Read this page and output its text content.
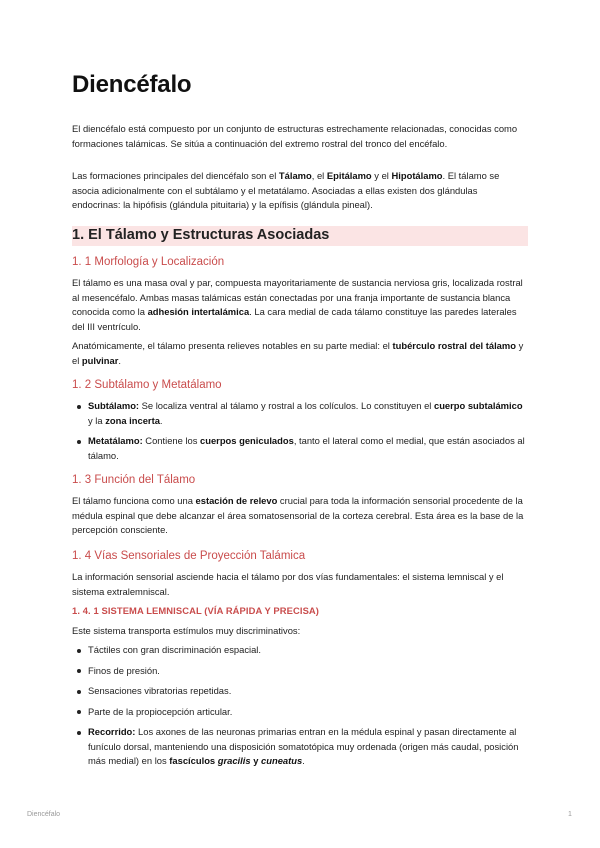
Diencéfalo

El diencéfalo está compuesto por un conjunto de estructuras estrechamente relacionadas, conocidas como formaciones talámicas. Se sitúa a continuación del extremo rostral del tronco del encéfalo.

Las formaciones principales del diencéfalo son el Tálamo, el Epitálamo y el Hipotálamo. El tálamo se asocia adicionalmente con el subtálamo y el metatálamo. Asociadas a ellas existen dos glándulas endocrinas: la hipófisis (glándula pituitaria) y la epífisis (glándula pineal).

1. El Tálamo y Estructuras Asociadas
1. 1 Morfología y Localización

El tálamo es una masa oval y par, compuesta mayoritariamente de sustancia nerviosa gris, localizada rostral al mesencéfalo. Ambas masas talámicas están conectadas por una franja importante de sustancia blanca conocida como la adhesión intertalámica. La cara medial de cada tálamo constituye las paredes laterales del III ventrículo.

Anatómicamente, el tálamo presenta relieves notables en su parte medial: el tubérculo rostral del tálamo y el pulvinar.

1. 2 Subtálamo y Metatálamo
Subtálamo: Se localiza ventral al tálamo y rostral a los colículos. Lo constituyen el cuerpo subtalámico y la zona incerta.
Metatálamo: Contiene los cuerpos geniculados, tanto el lateral como el medial, que están asociados al tálamo.
1. 3 Función del Tálamo

El tálamo funciona como una estación de relevo crucial para toda la información sensorial procedente de la médula espinal que debe alcanzar el área somatosensorial de la corteza cerebral. Esta área es la base de la percepción consciente.

1. 4 Vías Sensoriales de Proyección Talámica

La información sensorial asciende hacia el tálamo por dos vías fundamentales: el sistema lemniscal y el sistema extralemniscal.

1. 4. 1 SISTEMA LEMNISCAL (VÍA RÁPIDA Y PRECISA)

Este sistema transporta estímulos muy discriminativos:

Táctiles con gran discriminación espacial.
Finos de presión.
Sensaciones vibratorias repetidas.
Parte de la propiocepción articular.
Recorrido: Los axones de las neuronas primarias entran en la médula espinal y pasan directamente al funículo dorsal, manteniendo una disposición somatotópica muy ordenada (origen más caudal, posición más medial) en los fascículos gracilis y cuneatus.
Diencéfalo	1
